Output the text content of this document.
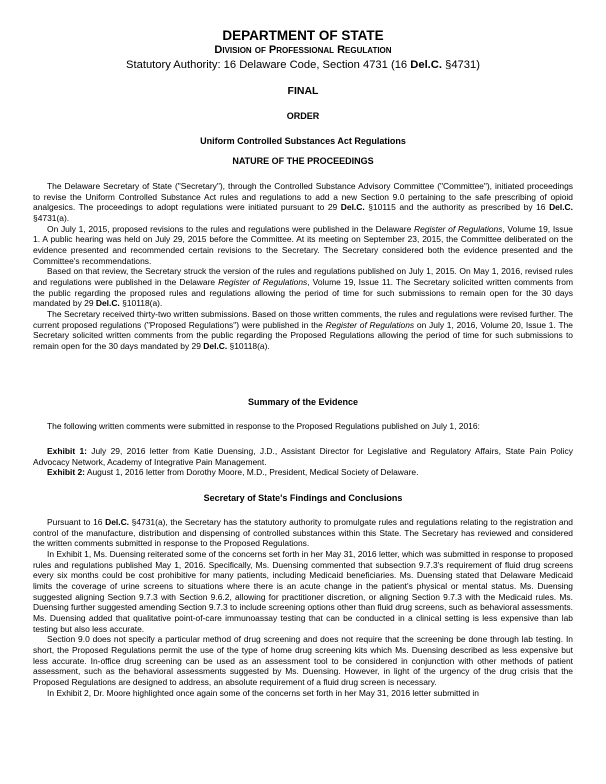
DEPARTMENT OF STATE
Division of Professional Regulation
Statutory Authority: 16 Delaware Code, Section 4731 (16 Del.C. §4731)
FINAL
ORDER
Uniform Controlled Substances Act Regulations
NATURE OF THE PROCEEDINGS

The Delaware Secretary of State ("Secretary"), through the Controlled Substance Advisory Committee ("Committee"), initiated proceedings to revise the Uniform Controlled Substance Act rules and regulations to add a new Section 9.0 pertaining to the safe prescribing of opioid analgesics. The proceedings to adopt regulations were initiated pursuant to 29 Del.C. §10115 and the authority as prescribed by 16 Del.C. §4731(a).

On July 1, 2015, proposed revisions to the rules and regulations were published in the Delaware Register of Regulations, Volume 19, Issue 1. A public hearing was held on July 29, 2015 before the Committee. At its meeting on September 23, 2015, the Committee deliberated on the evidence presented and recommended certain revisions to the Secretary. The Secretary considered both the evidence presented and the Committee's recommendations.

Based on that review, the Secretary struck the version of the rules and regulations published on July 1, 2015. On May 1, 2016, revised rules and regulations were published in the Delaware Register of Regulations, Volume 19, Issue 11. The Secretary solicited written comments from the public regarding the proposed rules and regulations allowing the period of time for such submissions to remain open for the 30 days mandated by 29 Del.C. §10118(a).

The Secretary received thirty-two written submissions. Based on those written comments, the rules and regulations were revised further. The current proposed regulations ("Proposed Regulations") were published in the Register of Regulations on July 1, 2016, Volume 20, Issue 1. The Secretary solicited written comments from the public regarding the Proposed Regulations allowing the period of time for such submissions to remain open for the 30 days mandated by 29 Del.C. §10118(a).

Summary of the Evidence
The following written comments were submitted in response to the Proposed Regulations published on July 1, 2016:

Exhibit 1: July 29, 2016 letter from Katie Duensing, J.D., Assistant Director for Legislative and Regulatory Affairs, State Pain Policy Advocacy Network, Academy of Integrative Pain Management.

Exhibit 2: August 1, 2016 letter from Dorothy Moore, M.D., President, Medical Society of Delaware.

Secretary of State's Findings and Conclusions

Pursuant to 16 Del.C. §4731(a), the Secretary has the statutory authority to promulgate rules and regulations relating to the registration and control of the manufacture, distribution and dispensing of controlled substances within this State. The Secretary has reviewed and considered the written comments submitted in response to the Proposed Regulations.

In Exhibit 1, Ms. Duensing reiterated some of the concerns set forth in her May 31, 2016 letter, which was submitted in response to proposed rules and regulations published May 1, 2016. Specifically, Ms. Duensing commented that subsection 9.7.3's requirement of fluid drug screens every six months could be cost prohibitive for many patients, including Medicaid beneficiaries. Ms. Duensing stated that Delaware Medicaid limits the coverage of urine screens to situations where there is an acute change in the patient's physical or mental status. Ms. Duensing suggested aligning Section 9.7.3 with Section 9.6.2, allowing for practitioner discretion, or aligning Section 9.7.3 with the Medicaid rules. Ms. Duensing further suggested amending Section 9.7.3 to include screening options other than fluid drug screens, such as behavioral assessments. Ms. Duensing added that qualitative point-of-care immunoassay testing that can be conducted in a clinical setting is less expensive than lab testing but also less accurate.

Section 9.0 does not specify a particular method of drug screening and does not require that the screening be done through lab testing. In short, the Proposed Regulations permit the use of the type of home drug screening kits which Ms. Duensing described as less expensive but less accurate. In-office drug screening can be used as an assessment tool to be considered in conjunction with other methods of patient assessment, such as the behavioral assessments suggested by Ms. Duensing. However, in light of the urgency of the drug crisis that the Proposed Regulations are designed to address, an absolute requirement of a fluid drug screen is necessary.

In Exhibit 2, Dr. Moore highlighted once again some of the concerns set forth in her May 31, 2016 letter submitted in
